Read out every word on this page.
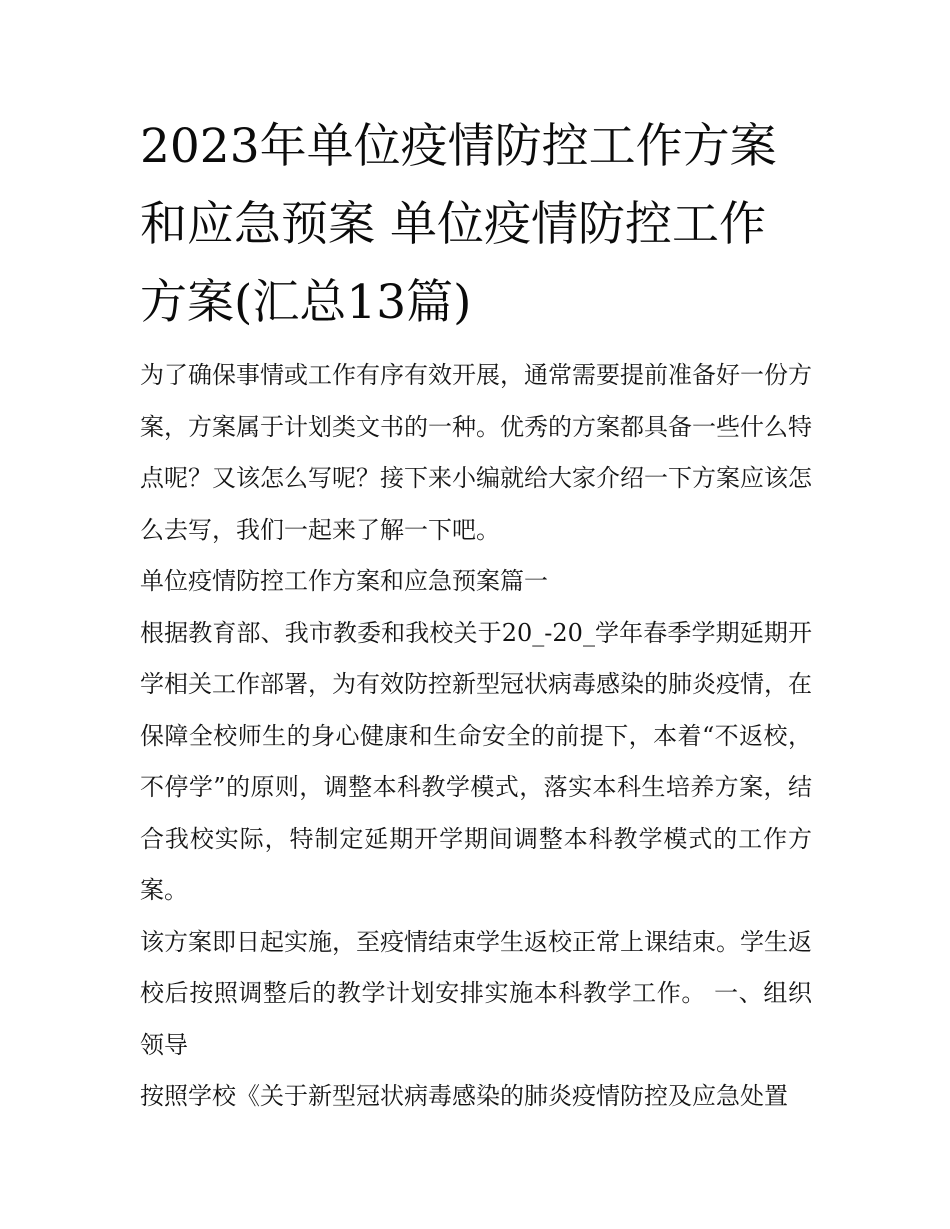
2023年单位疫情防控工作方案和应急预案 单位疫情防控工作方案(汇总13篇)

为了确保事情或工作有序有效开展，通常需要提前准备好一份方案，方案属于计划类文书的一种。优秀的方案都具备一些什么特点呢？又该怎么写呢？接下来小编就给大家介绍一下方案应该怎么去写，我们一起来了解一下吧。

单位疫情防控工作方案和应急预案篇一

根据教育部、我市教委和我校关于20_-20_学年春季学期延期开学相关工作部署，为有效防控新型冠状病毒感染的肺炎疫情，在保障全校师生的身心健康和生命安全的前提下，本着“不返校，不停学”的原则，调整本科教学模式，落实本科生培养方案，结合我校实际，特制定延期开学期间调整本科教学模式的工作方案。

该方案即日起实施，至疫情结束学生返校正常上课结束。学生返校后按照调整后的教学计划安排实施本科教学工作。 一、组织领导

按照学校《关于新型冠状病毒感染的肺炎疫情防控及应急处置
